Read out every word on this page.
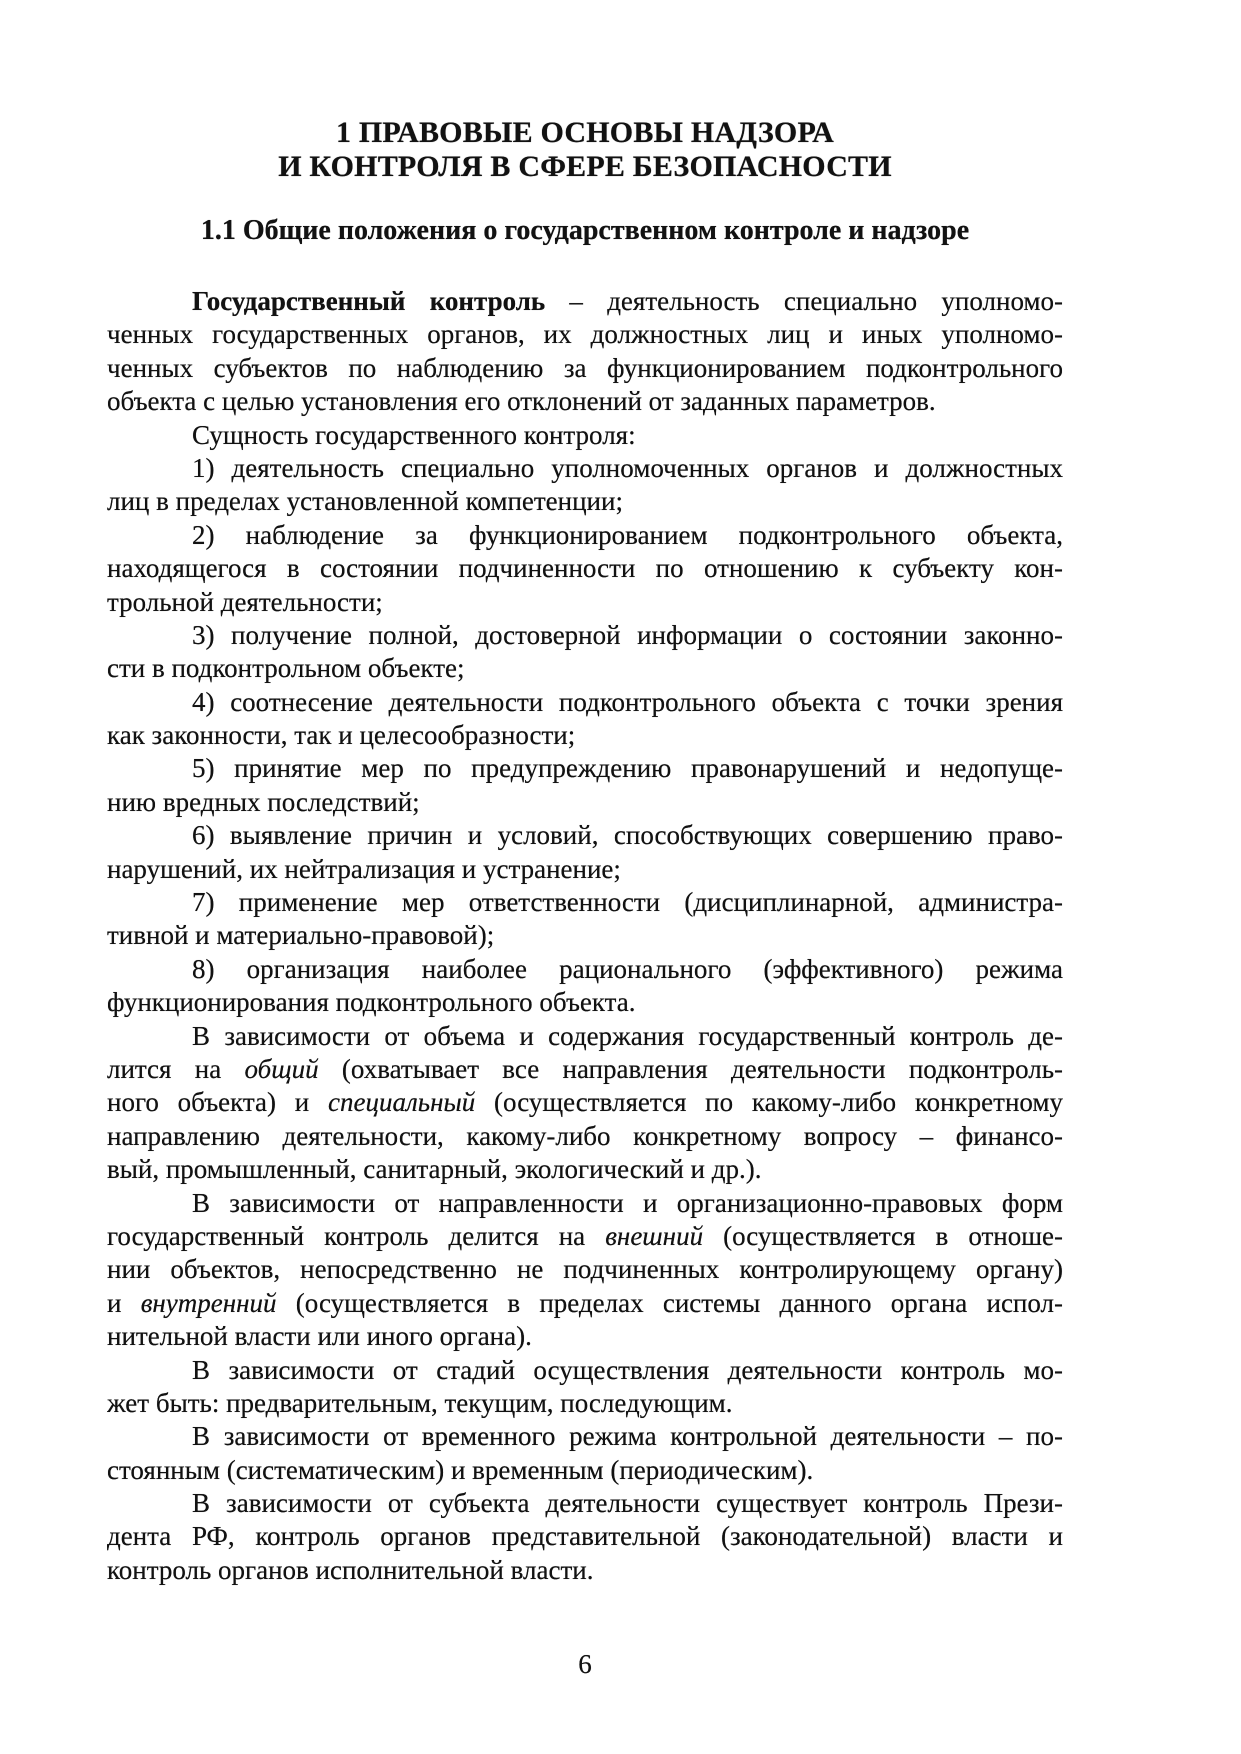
1 ПРАВОВЫЕ ОСНОВЫ НАДЗОРА
И КОНТРОЛЯ В СФЕРЕ БЕЗОПАСНОСТИ
1.1 Общие положения о государственном контроле и надзоре
Государственный контроль – деятельность специально уполномо-
ченных государственных органов, их должностных лиц и иных уполномо-
ченных субъектов по наблюдению за функционированием подконтрольного
объекта с целью установления его отклонений от заданных параметров.
Сущность государственного контроля:
1) деятельность специально уполномоченных органов и должностных
лиц в пределах установленной компетенции;
2) наблюдение за функционированием подконтрольного объекта,
находящегося в состоянии подчиненности по отношению к субъекту кон-
трольной деятельности;
3) получение полной, достоверной информации о состоянии законно-
сти в подконтрольном объекте;
4) соотнесение деятельности подконтрольного объекта с точки зрения
как законности, так и целесообразности;
5) принятие мер по предупреждению правонарушений и недопуще-
нию вредных последствий;
6) выявление причин и условий, способствующих совершению право-
нарушений, их нейтрализация и устранение;
7) применение мер ответственности (дисциплинарной, администра-
тивной и материально-правовой);
8) организация наиболее рационального (эффективного) режима
функционирования подконтрольного объекта.
В зависимости от объема и содержания государственный контроль де-
лится на общий (охватывает все направления деятельности подконтроль-
ного объекта) и специальный (осуществляется по какому-либо конкретному
направлению деятельности, какому-либо конкретному вопросу – финансо-
вый, промышленный, санитарный, экологический и др.).
В зависимости от направленности и организационно-правовых форм
государственный контроль делится на внешний (осуществляется в отноше-
нии объектов, непосредственно не подчиненных контролирующему органу)
и внутренний (осуществляется в пределах системы данного органа испол-
нительной власти или иного органа).
В зависимости от стадий осуществления деятельности контроль мо-
жет быть: предварительным, текущим, последующим.
В зависимости от временного режима контрольной деятельности – по-
стоянным (систематическим) и временным (периодическим).
В зависимости от субъекта деятельности существует контроль Прези-
дента РФ, контроль органов представительной (законодательной) власти и
контроль органов исполнительной власти.
6
